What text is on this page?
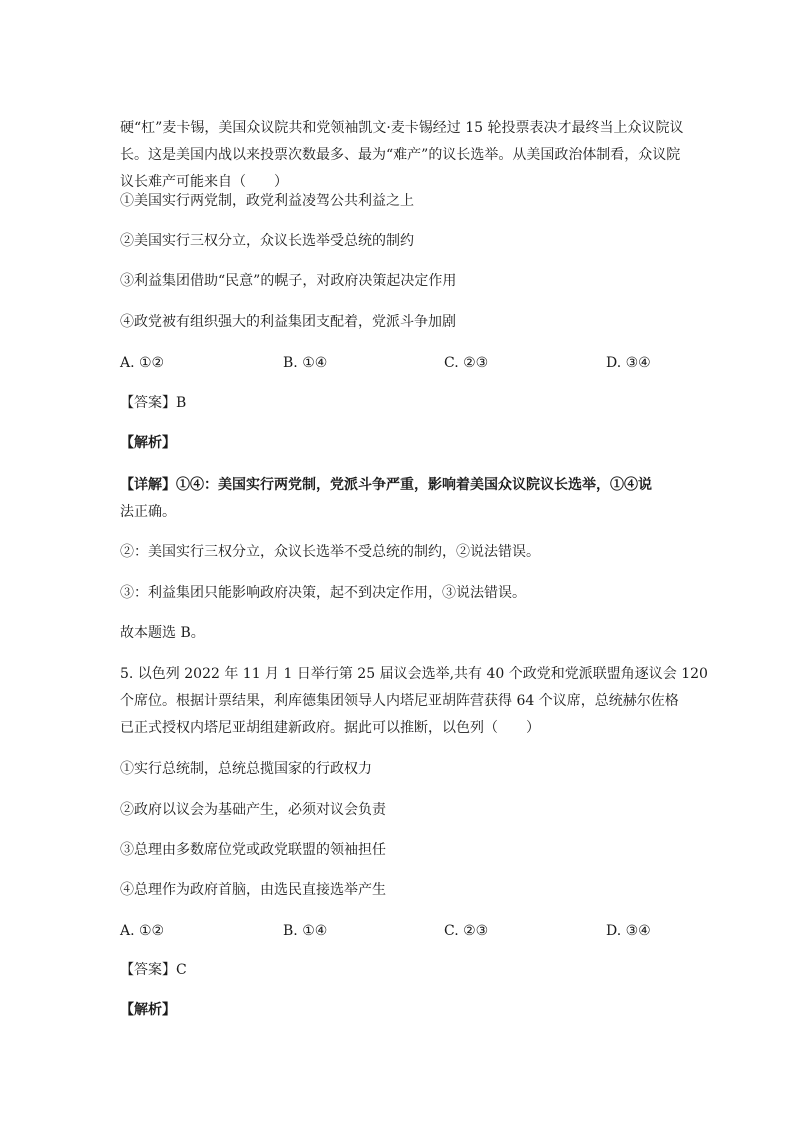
硬“杠”麦卡锡，美国众议院共和党领袖凯文·麦卡锡经过 15 轮投票表决才最终当上众议院议
长。这是美国内战以来投票次数最多、最为“难产”的议长选举。从美国政治体制看，众议院
议长难产可能来自（　　）
①美国实行两党制，政党利益凌驾公共利益之上
②美国实行三权分立，众议长选举受总统的制约
③利益集团借助“民意”的幌子，对政府决策起决定作用
④政党被有组织强大的利益集团支配着，党派斗争加剧
A. ①②	B. ①④	C. ②③	D. ③④
【答案】B
【解析】
【详解】①④：美国实行两党制，党派斗争严重，影响着美国众议院议长选举，①④说
法正确。
②：美国实行三权分立，众议长选举不受总统的制约，②说法错误。
③：利益集团只能影响政府决策，起不到决定作用，③说法错误。
故本题选 B。
5. 以色列 2022 年 11 月 1 日举行第 25 届议会选举,共有 40 个政党和党派联盟角逐议会 120
个席位。根据计票结果，利库德集团领导人内塔尼亚胡阵营获得 64 个议席，总统赫尔佐格
已正式授权内塔尼亚胡组建新政府。据此可以推断，以色列（　　）
①实行总统制，总统总揽国家的行政权力
②政府以议会为基础产生，必须对议会负责
③总理由多数席位党或政党联盟的领袖担任
④总理作为政府首脑，由选民直接选举产生
A. ①②	B. ①④	C. ②③	D. ③④
【答案】C
【解析】
